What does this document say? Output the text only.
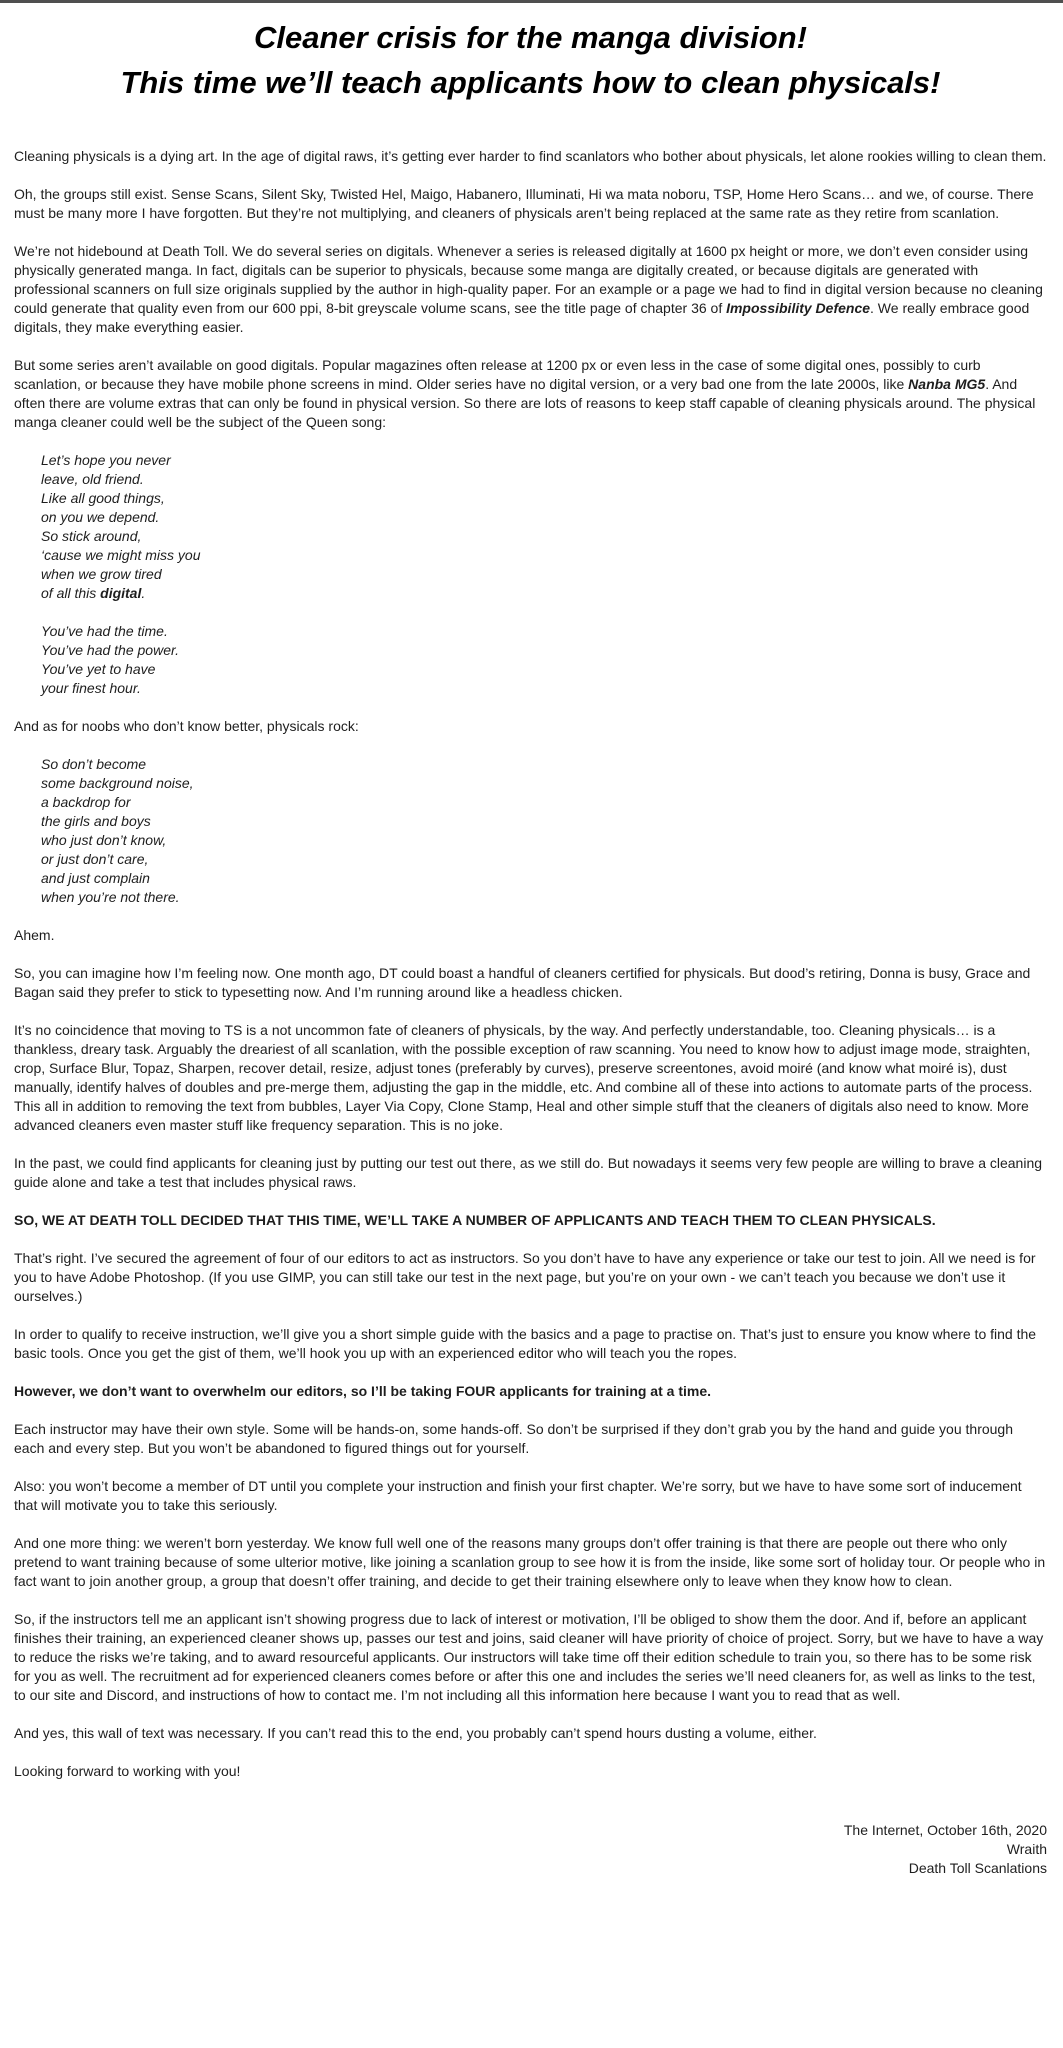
Cleaner crisis for the manga division!
This time we’ll teach applicants how to clean physicals!

Cleaning physicals is a dying art. In the age of digital raws, it’s getting ever harder to find scanlators who bother about physicals, let alone rookies willing to clean them.

Oh, the groups still exist. Sense Scans, Silent Sky, Twisted Hel, Maigo, Habanero, Illuminati, Hi wa mata noboru, TSP, Home Hero Scans… and we, of course. There must be many more I have forgotten. But they’re not multiplying, and cleaners of physicals aren’t being replaced at the same rate as they retire from scanlation.

We’re not hidebound at Death Toll. We do several series on digitals. Whenever a series is released digitally at 1600 px height or more, we don’t even consider using physically generated manga. In fact, digitals can be superior to physicals, because some manga are digitally created, or because digitals are generated with professional scanners on full size originals supplied by the author in high-quality paper. For an example or a page we had to find in digital version because no cleaning could generate that quality even from our 600 ppi, 8-bit greyscale volume scans, see the title page of chapter 36 of Impossibility Defence. We really embrace good digitals, they make everything easier.

But some series aren’t available on good digitals. Popular magazines often release at 1200 px or even less in the case of some digital ones, possibly to curb scanlation, or because they have mobile phone screens in mind. Older series have no digital version, or a very bad one from the late 2000s, like Nanba MG5. And often there are volume extras that can only be found in physical version. So there are lots of reasons to keep staff capable of cleaning physicals around. The physical manga cleaner could well be the subject of the Queen song:

Let’s hope you never
leave, old friend.
Like all good things,
on you we depend.
So stick around,
‘cause we might miss you
when we grow tired
of all this digital.

You’ve had the time.
You’ve had the power.
You’ve yet to have
your finest hour.

And as for noobs who don’t know better, physicals rock:

So don’t become
some background noise,
a backdrop for
the girls and boys
who just don’t know,
or just don’t care,
and just complain
when you’re not there.

Ahem.

So, you can imagine how I’m feeling now. One month ago, DT could boast a handful of cleaners certified for physicals. But dood’s retiring, Donna is busy, Grace and Bagan said they prefer to stick to typesetting now. And I’m running around like a headless chicken.

It’s no coincidence that moving to TS is a not uncommon fate of cleaners of physicals, by the way. And perfectly understandable, too. Cleaning physicals… is a thankless, dreary task. Arguably the dreariest of all scanlation, with the possible exception of raw scanning. You need to know how to adjust image mode, straighten, crop, Surface Blur, Topaz, Sharpen, recover detail, resize, adjust tones (preferably by curves), preserve screentones, avoid moiré (and know what moiré is), dust manually, identify halves of doubles and pre-merge them, adjusting the gap in the middle, etc. And combine all of these into actions to automate parts of the process. This all in addition to removing the text from bubbles, Layer Via Copy, Clone Stamp, Heal and other simple stuff that the cleaners of digitals also need to know. More advanced cleaners even master stuff like frequency separation. This is no joke.

In the past, we could find applicants for cleaning just by putting our test out there, as we still do. But nowadays it seems very few people are willing to brave a cleaning guide alone and take a test that includes physical raws.

SO, WE AT DEATH TOLL DECIDED THAT THIS TIME, WE’LL TAKE A NUMBER OF APPLICANTS AND TEACH THEM TO CLEAN PHYSICALS.

That’s right. I’ve secured the agreement of four of our editors to act as instructors. So you don’t have to have any experience or take our test to join. All we need is for you to have Adobe Photoshop. (If you use GIMP, you can still take our test in the next page, but you’re on your own - we can’t teach you because we don’t use it ourselves.)

In order to qualify to receive instruction, we’ll give you a short simple guide with the basics and a page to practise on. That’s just to ensure you know where to find the basic tools. Once you get the gist of them, we’ll hook you up with an experienced editor who will teach you the ropes.

However, we don’t want to overwhelm our editors, so I’ll be taking FOUR applicants for training at a time.

Each instructor may have their own style. Some will be hands-on, some hands-off. So don’t be surprised if they don’t grab you by the hand and guide you through each and every step. But you won’t be abandoned to figured things out for yourself.

Also: you won’t become a member of DT until you complete your instruction and finish your first chapter. We’re sorry, but we have to have some sort of inducement that will motivate you to take this seriously.

And one more thing: we weren’t born yesterday. We know full well one of the reasons many groups don’t offer training is that there are people out there who only pretend to want training because of some ulterior motive, like joining a scanlation group to see how it is from the inside, like some sort of holiday tour. Or people who in fact want to join another group, a group that doesn’t offer training, and decide to get their training elsewhere only to leave when they know how to clean.

So, if the instructors tell me an applicant isn’t showing progress due to lack of interest or motivation, I’ll be obliged to show them the door. And if, before an applicant finishes their training, an experienced cleaner shows up, passes our test and joins, said cleaner will have priority of choice of project. Sorry, but we have to have a way to reduce the risks we’re taking, and to award resourceful applicants. Our instructors will take time off their edition schedule to train you, so there has to be some risk for you as well. The recruitment ad for experienced cleaners comes before or after this one and includes the series we’ll need cleaners for, as well as links to the test, to our site and Discord, and instructions of how to contact me. I’m not including all this information here because I want you to read that as well.

And yes, this wall of text was necessary. If you can’t read this to the end, you probably can’t spend hours dusting a volume, either.

Looking forward to working with you!

The Internet, October 16th, 2020
Wraith
Death Toll Scanlations
